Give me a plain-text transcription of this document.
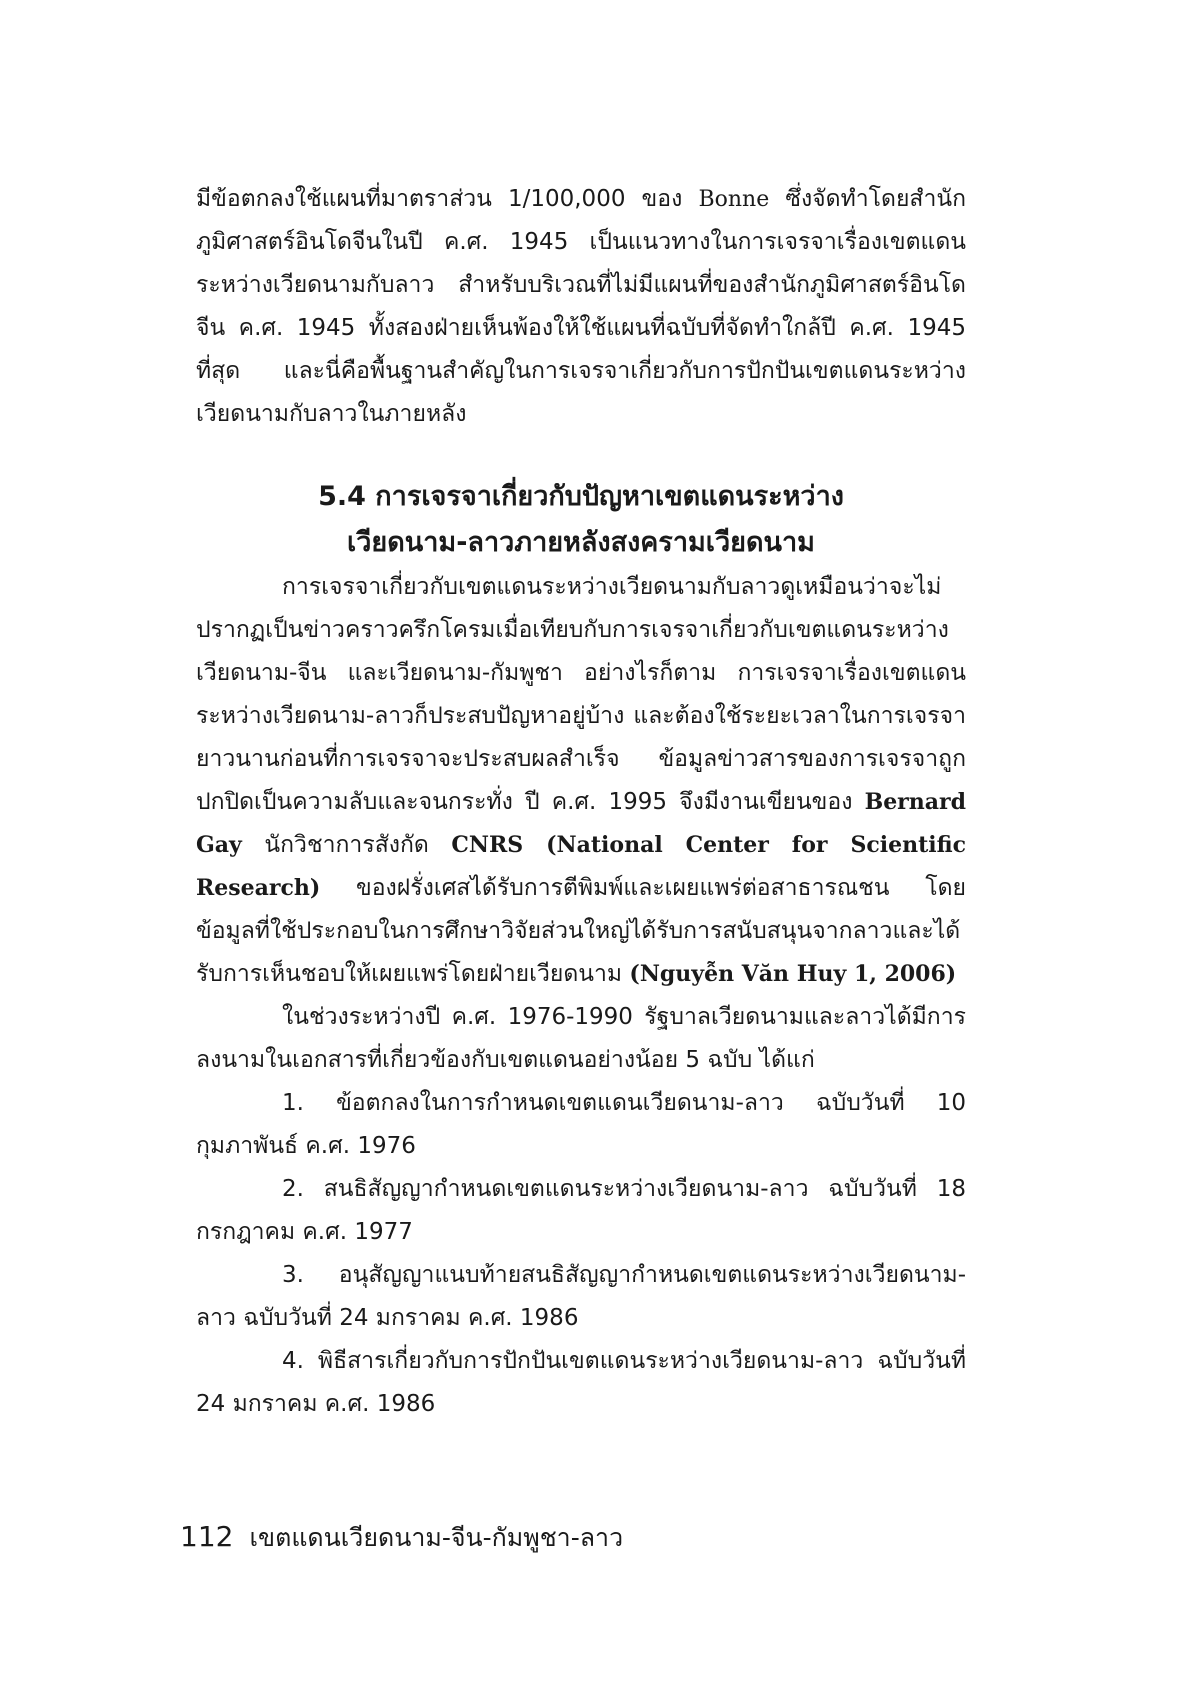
มีข้อตกลงใช้แผนที่มาตราส่วน 1/100,000 ของ Bonne ซึ่งจัดทำโดยสำนักภูมิศาสตร์อินโดจีนในปี ค.ศ. 1945 เป็นแนวทางในการเจรจาเรื่องเขตแดนระหว่างเวียดนามกับลาว สำหรับบริเวณที่ไม่มีแผนที่ของสำนักภูมิศาสตร์อินโดจีน ค.ศ. 1945 ทั้งสองฝ่ายเห็นพ้องให้ใช้แผนที่ฉบับที่จัดทำใกล้ปี ค.ศ. 1945 ที่สุด และนี่คือพื้นฐานสำคัญในการเจรจาเกี่ยวกับการปักปันเขตแดนระหว่างเวียดนามกับลาวในภายหลัง

5.4 การเจรจาเกี่ยวกับปัญหาเขตแดนระหว่าง
เวียดนาม-ลาวภายหลังสงครามเวียดนาม

การเจรจาเกี่ยวกับเขตแดนระหว่างเวียดนามกับลาวดูเหมือนว่าจะไม่ปรากฏเป็นข่าวคราวครึกโครมเมื่อเทียบกับการเจรจาเกี่ยวกับเขตแดนระหว่างเวียดนาม-จีน และเวียดนาม-กัมพูชา อย่างไรก็ตาม การเจรจาเรื่องเขตแดนระหว่างเวียดนาม-ลาวก็ประสบปัญหาอยู่บ้าง และต้องใช้ระยะเวลาในการเจรจายาวนานก่อนที่การเจรจาจะประสบผลสำเร็จ ข้อมูลข่าวสารของการเจรจาถูกปกปิดเป็นความลับและจนกระทั่ง ปี ค.ศ. 1995 จึงมีงานเขียนของ Bernard Gay นักวิชาการสังกัด CNRS (National Center for Scientific Research) ของฝรั่งเศสได้รับการตีพิมพ์และเผยแพร่ต่อสาธารณชน โดยข้อมูลที่ใช้ประกอบในการศึกษาวิจัยส่วนใหญ่ได้รับการสนับสนุนจากลาวและได้รับการเห็นชอบให้เผยแพร่โดยฝ่ายเวียดนาม (Nguyễn Văn Huy 1, 2006)

ในช่วงระหว่างปี ค.ศ. 1976-1990 รัฐบาลเวียดนามและลาวได้มีการลงนามในเอกสารที่เกี่ยวข้องกับเขตแดนอย่างน้อย 5 ฉบับ ได้แก่

1. ข้อตกลงในการกำหนดเขตแดนเวียดนาม-ลาว ฉบับวันที่ 10 กุมภาพันธ์ ค.ศ. 1976

2. สนธิสัญญากำหนดเขตแดนระหว่างเวียดนาม-ลาว ฉบับวันที่ 18 กรกฎาคม ค.ศ. 1977

3. อนุสัญญาแนบท้ายสนธิสัญญากำหนดเขตแดนระหว่างเวียดนาม-ลาว ฉบับวันที่ 24 มกราคม ค.ศ. 1986

4. พิธีสารเกี่ยวกับการปักปันเขตแดนระหว่างเวียดนาม-ลาว ฉบับวันที่ 24 มกราคม ค.ศ. 1986

112 เขตแดนเวียดนาม-จีน-กัมพูชา-ลาว
